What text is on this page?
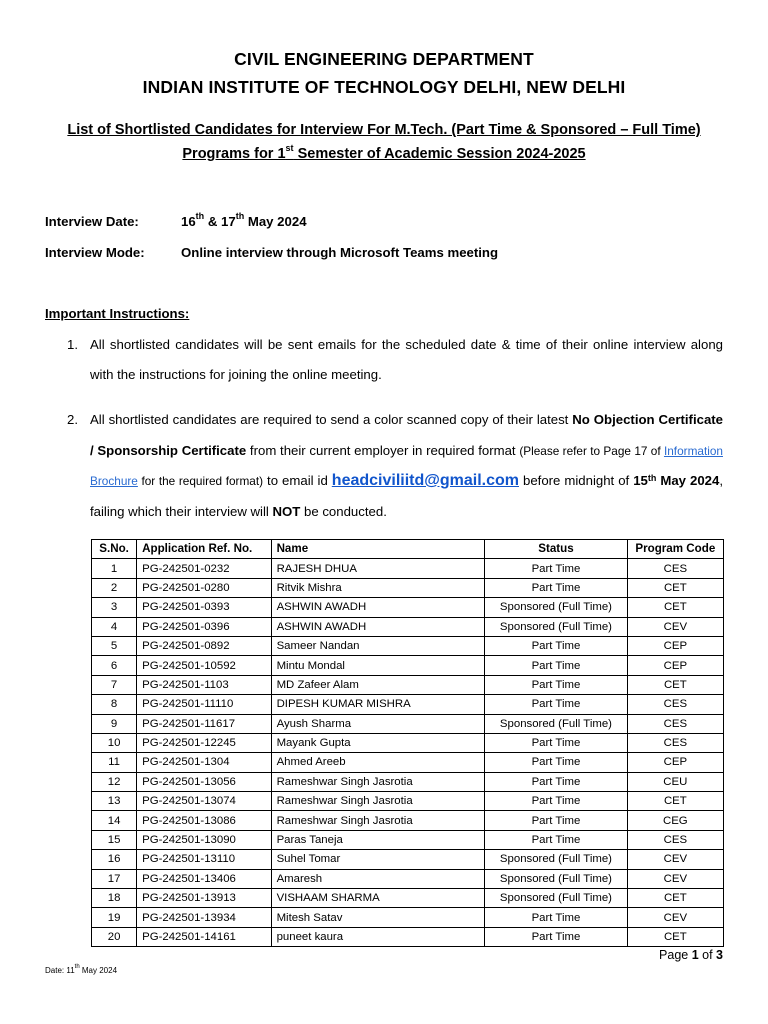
CIVIL ENGINEERING DEPARTMENT
INDIAN INSTITUTE OF TECHNOLOGY DELHI, NEW DELHI
List of Shortlisted Candidates for Interview For M.Tech. (Part Time & Sponsored – Full Time)
Programs for 1st Semester of Academic Session 2024-2025
Interview Date:	16th & 17th May 2024
Interview Mode:	Online interview through Microsoft Teams meeting
Important Instructions:
1. All shortlisted candidates will be sent emails for the scheduled date & time of their online interview along with the instructions for joining the online meeting.
2. All shortlisted candidates are required to send a color scanned copy of their latest No Objection Certificate / Sponsorship Certificate from their current employer in required format (Please refer to Page 17 of Information Brochure for the required format) to email id headciviliitd@gmail.com before midnight of 15th May 2024, failing which their interview will NOT be conducted.
S.No.	Application Ref. No.	Name	Status	Program Code
1	PG-242501-0232	RAJESH DHUA	Part Time	CES
2	PG-242501-0280	Ritvik Mishra	Part Time	CET
3	PG-242501-0393	ASHWIN AWADH	Sponsored (Full Time)	CET
4	PG-242501-0396	ASHWIN AWADH	Sponsored (Full Time)	CEV
5	PG-242501-0892	Sameer Nandan	Part Time	CEP
6	PG-242501-10592	Mintu Mondal	Part Time	CEP
7	PG-242501-1103	MD Zafeer Alam	Part Time	CET
8	PG-242501-11110	DIPESH KUMAR MISHRA	Part Time	CES
9	PG-242501-11617	Ayush Sharma	Sponsored (Full Time)	CES
10	PG-242501-12245	Mayank Gupta	Part Time	CES
11	PG-242501-1304	Ahmed Areeb	Part Time	CEP
12	PG-242501-13056	Rameshwar Singh Jasrotia	Part Time	CEU
13	PG-242501-13074	Rameshwar Singh Jasrotia	Part Time	CET
14	PG-242501-13086	Rameshwar Singh Jasrotia	Part Time	CEG
15	PG-242501-13090	Paras Taneja	Part Time	CES
16	PG-242501-13110	Suhel Tomar	Sponsored (Full Time)	CEV
17	PG-242501-13406	Amaresh	Sponsored (Full Time)	CEV
18	PG-242501-13913	VISHAAM SHARMA	Sponsored (Full Time)	CET
19	PG-242501-13934	Mitesh Satav	Part Time	CEV
20	PG-242501-14161	puneet kaura	Part Time	CET
Page 1 of 3
Date: 11th May 2024
